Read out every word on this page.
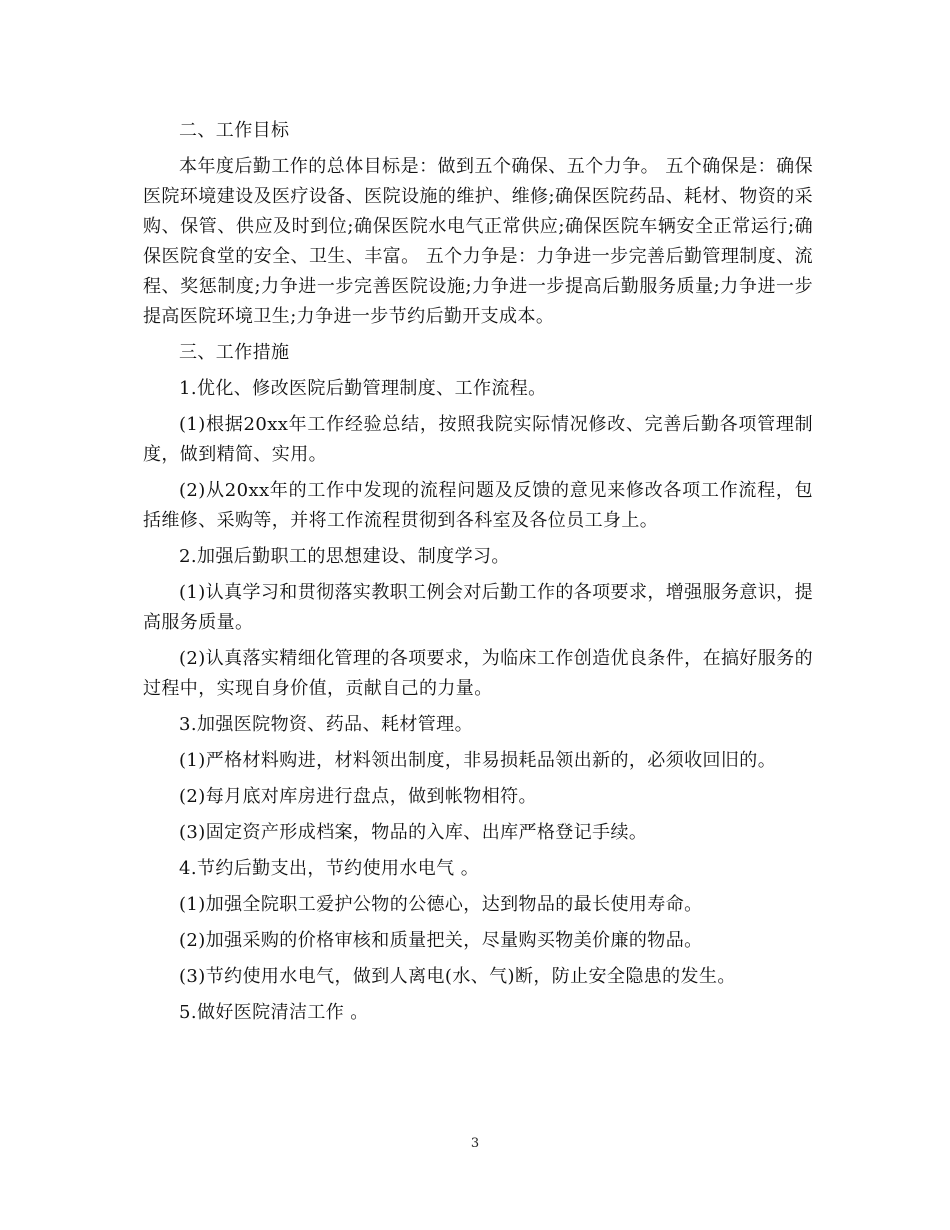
二、工作目标

本年度后勤工作的总体目标是：做到五个确保、五个力争。 五个确保是：确保医院环境建设及医疗设备、医院设施的维护、维修;确保医院药品、耗材、物资的采购、保管、供应及时到位;确保医院水电气正常供应;确保医院车辆安全正常运行;确保医院食堂的安全、卫生、丰富。 五个力争是：力争进一步完善后勤管理制度、流程、奖惩制度;力争进一步完善医院设施;力争进一步提高后勤服务质量;力争进一步提高医院环境卫生;力争进一步节约后勤开支成本。

三、工作措施

1.优化、修改医院后勤管理制度、工作流程。

(1)根据20xx年工作经验总结，按照我院实际情况修改、完善后勤各项管理制度，做到精简、实用。

(2)从20xx年的工作中发现的流程问题及反馈的意见来修改各项工作流程，包括维修、采购等，并将工作流程贯彻到各科室及各位员工身上。

2.加强后勤职工的思想建设、制度学习。

(1)认真学习和贯彻落实教职工例会对后勤工作的各项要求，增强服务意识，提高服务质量。

(2)认真落实精细化管理的各项要求，为临床工作创造优良条件，在搞好服务的过程中，实现自身价值，贡献自己的力量。

3.加强医院物资、药品、耗材管理。

(1)严格材料购进，材料领出制度，非易损耗品领出新的，必须收回旧的。

(2)每月底对库房进行盘点，做到帐物相符。

(3)固定资产形成档案，物品的入库、出库严格登记手续。

4.节约后勤支出，节约使用水电气 。

(1)加强全院职工爱护公物的公德心，达到物品的最长使用寿命。

(2)加强采购的价格审核和质量把关，尽量购买物美价廉的物品。

(3)节约使用水电气，做到人离电(水、气)断，防止安全隐患的发生。

5.做好医院清洁工作 。

3
